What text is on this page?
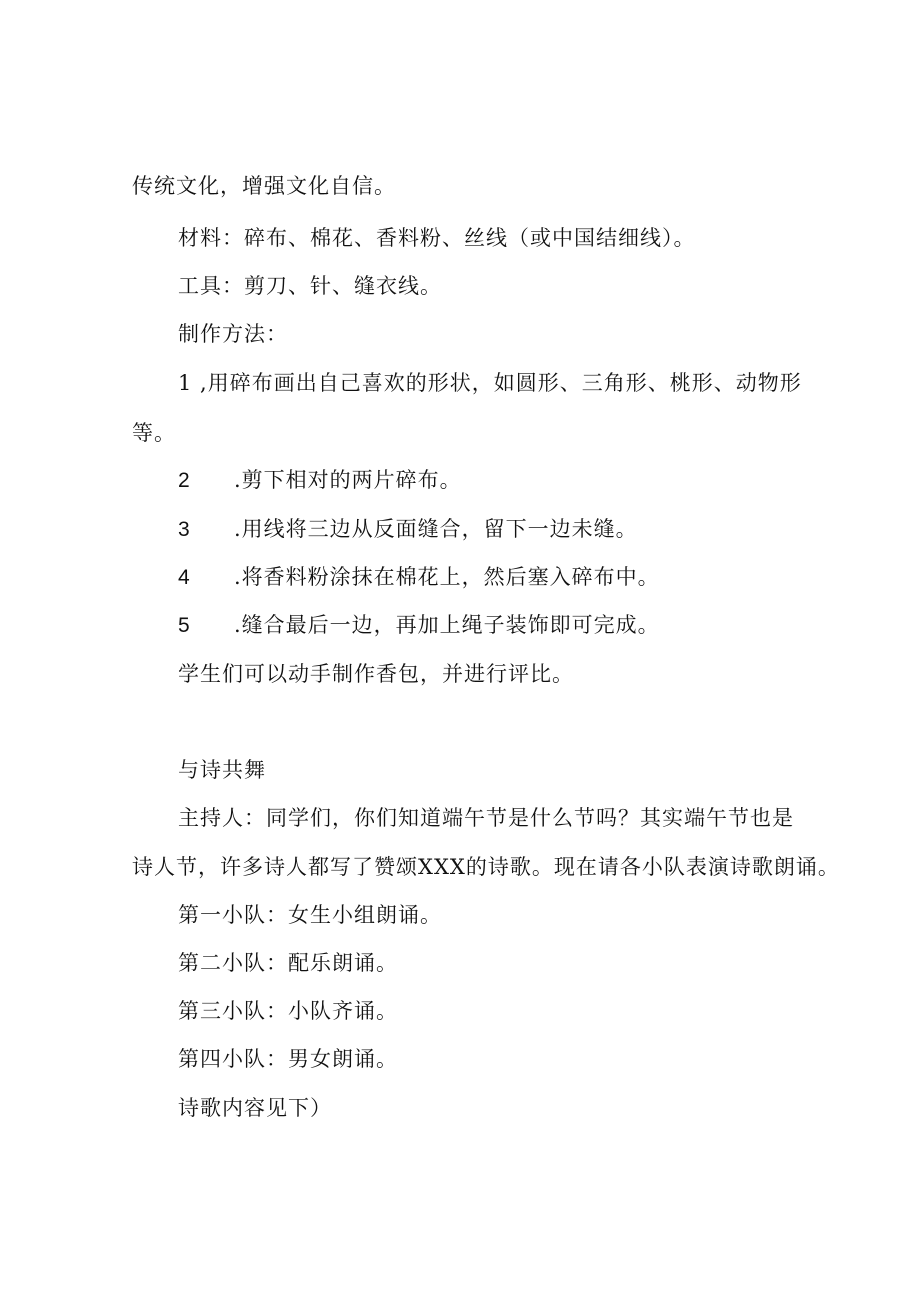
传统文化，增强文化自信。
材料：碎布、棉花、香料粉、丝线（或中国结细线）。
工具：剪刀、针、缝衣线。
制作方法：
1 ,用碎布画出自己喜欢的形状，如圆形、三角形、桃形、动物形
等。
2 .剪下相对的两片碎布。
3 .用线将三边从反面缝合，留下一边未缝。
4 .将香料粉涂抹在棉花上，然后塞入碎布中。
5 .缝合最后一边，再加上绳子装饰即可完成。
学生们可以动手制作香包，并进行评比。
与诗共舞
主持人：同学们，你们知道端午节是什么节吗？其实端午节也是
诗人节，许多诗人都写了赞颂XXX的诗歌。现在请各小队表演诗歌朗诵。
第一小队：女生小组朗诵。
第二小队：配乐朗诵。
第三小队：小队齐诵。
第四小队：男女朗诵。
诗歌内容见下）
